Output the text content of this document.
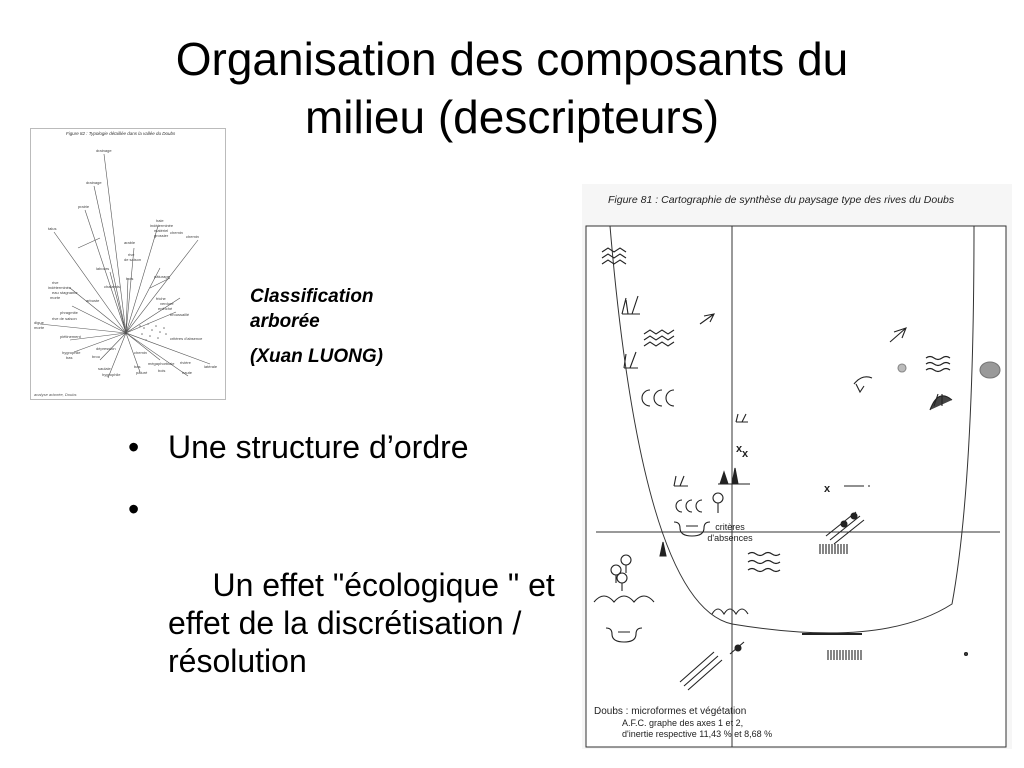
Organisation des composants du
milieu (descripteurs)
Figure 82 : Typologie détaillée dans la vallée du Doubs
drainage
drainage
prairie
talus
haie
indéterminée
matériel
grossier
chemin
chemin
arable
rive
de saison
labours
bois
chalands
pâturage
rive
indéterminée
eau stagnante
morte
arbuste
phragmite
rive de saison
digue
morte
piétinement
friche
verdure
enfriché
broussaillé
hygrophile
bas
dépression
brou
chemin
mégaphorbiaie
critères d'absence
saulaie
hygrophile
bas
pâturé	bois
rivière
haute
latérale
analyse arborée, Doubs

Classification

arborée

(Xuan LUONG)

• Une structure d’ordre

•

Un effet "écologique " et effet de la discrétisation / résolution

Figure 81 : Cartographie de synthèse du paysage type des rives du Doubs
x x
x
critères
d'absences
Doubs : microformes et végétation
A.F.C. graphe des axes 1 et 2,
d'inertie respective 11,43 % et 8,68 %
